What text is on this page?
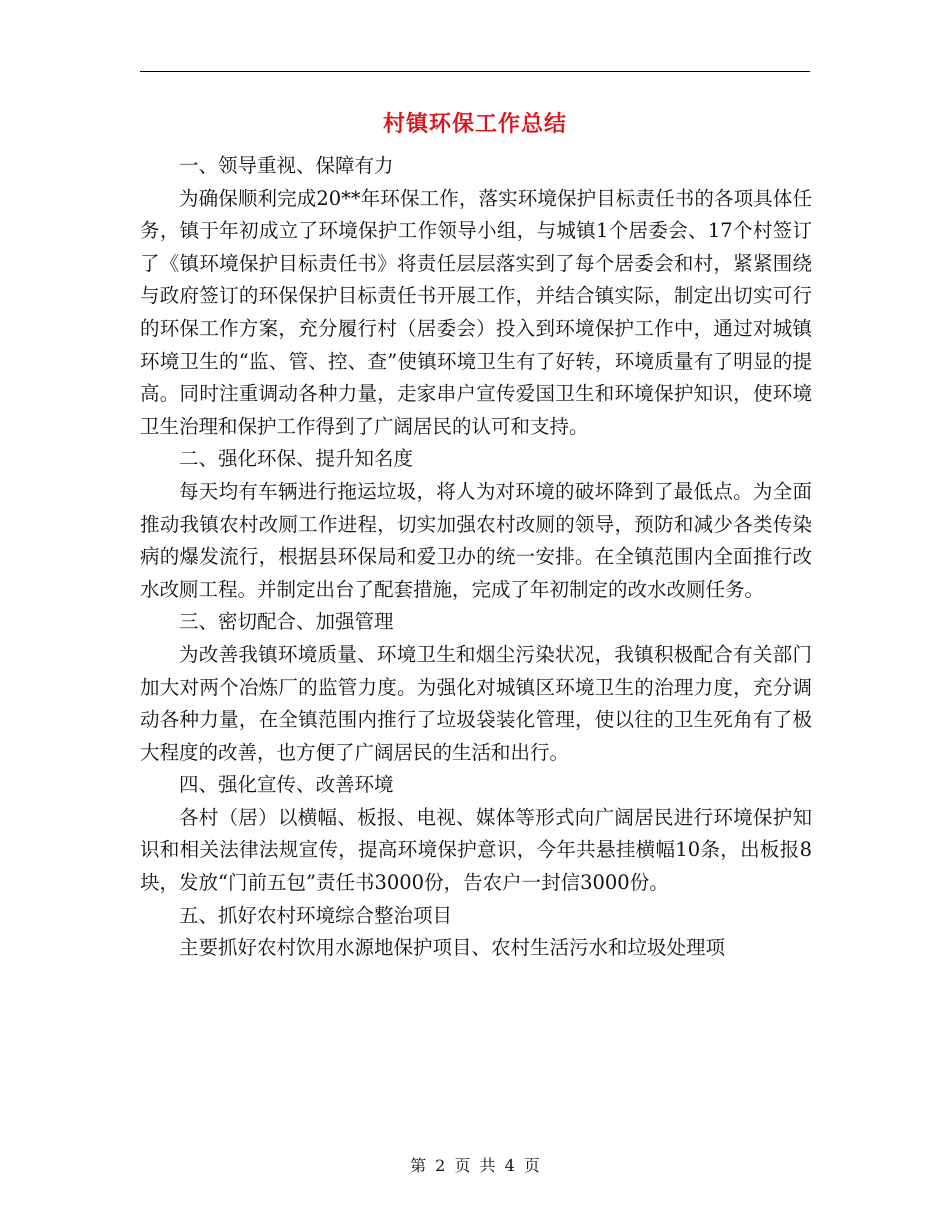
村镇环保工作总结

一、领导重视、保障有力

为确保顺利完成20**年环保工作，落实环境保护目标责任书的各项具体任务，镇于年初成立了环境保护工作领导小组，与城镇1个居委会、17个村签订了《镇环境保护目标责任书》将责任层层落实到了每个居委会和村，紧紧围绕与政府签订的环保保护目标责任书开展工作，并结合镇实际，制定出切实可行的环保工作方案，充分履行村（居委会）投入到环境保护工作中，通过对城镇环境卫生的“监、管、控、查”使镇环境卫生有了好转，环境质量有了明显的提高。同时注重调动各种力量，走家串户宣传爱国卫生和环境保护知识，使环境卫生治理和保护工作得到了广阔居民的认可和支持。

二、强化环保、提升知名度

每天均有车辆进行拖运垃圾，将人为对环境的破坏降到了最低点。为全面推动我镇农村改厕工作进程，切实加强农村改厕的领导，预防和减少各类传染病的爆发流行，根据县环保局和爱卫办的统一安排。在全镇范围内全面推行改水改厕工程。并制定出台了配套措施，完成了年初制定的改水改厕任务。

三、密切配合、加强管理

为改善我镇环境质量、环境卫生和烟尘污染状况，我镇积极配合有关部门加大对两个冶炼厂的监管力度。为强化对城镇区环境卫生的治理力度，充分调动各种力量，在全镇范围内推行了垃圾袋装化管理，使以往的卫生死角有了极大程度的改善，也方便了广阔居民的生活和出行。

四、强化宣传、改善环境

各村（居）以横幅、板报、电视、媒体等形式向广阔居民进行环境保护知识和相关法律法规宣传，提高环境保护意识，今年共悬挂横幅10条，出板报8块，发放“门前五包”责任书3000份，告农户一封信3000份。

五、抓好农村环境综合整治项目

主要抓好农村饮用水源地保护项目、农村生活污水和垃圾处理项

第 2 页 共 4 页
